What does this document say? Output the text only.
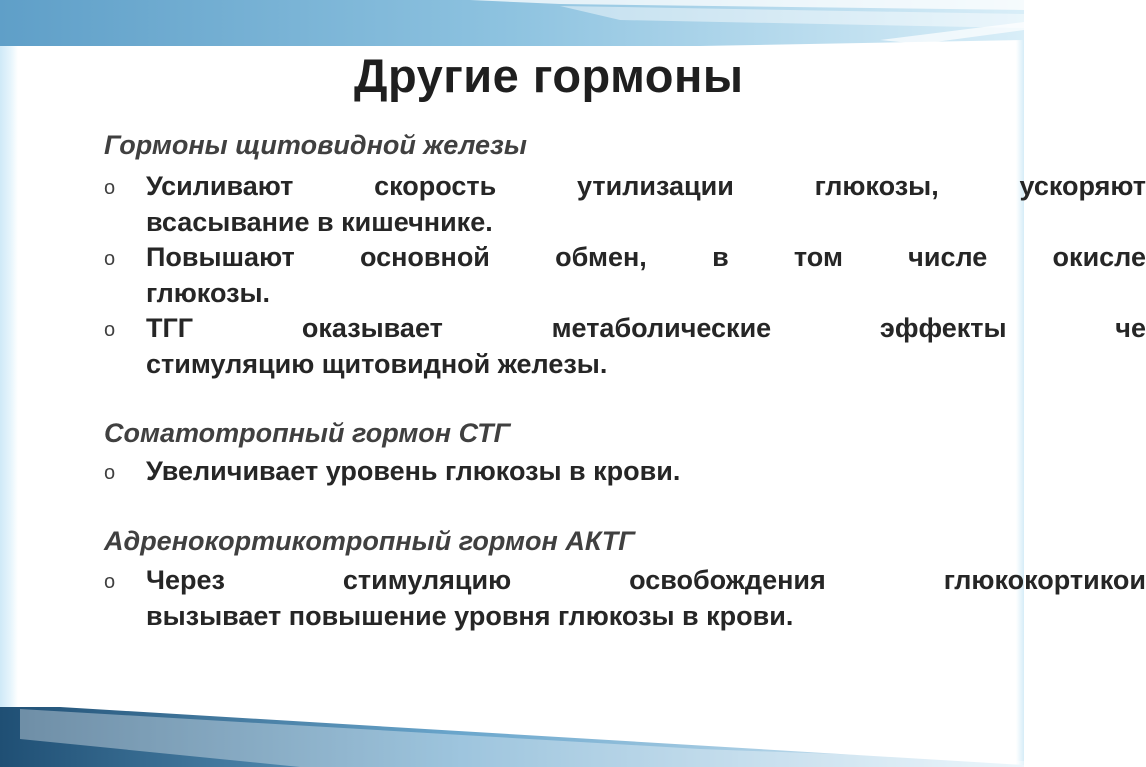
Другие гормоны
Гормоны щитовидной железы
o Усиливают скорость утилизации глюкозы, ускоряют
всасывание в кишечнике.
o Повышают основной обмен, в том числе окисле
глюкозы.
o ТГГ оказывает метаболические эффекты че
стимуляцию щитовидной железы.
Соматотропный гормон СТГ
o Увеличивает уровень глюкозы в крови.
Адренокортикотропный гормон АКТГ
o Через стимуляцию освобождения глюкокортикои
вызывает повышение уровня глюкозы в крови.
